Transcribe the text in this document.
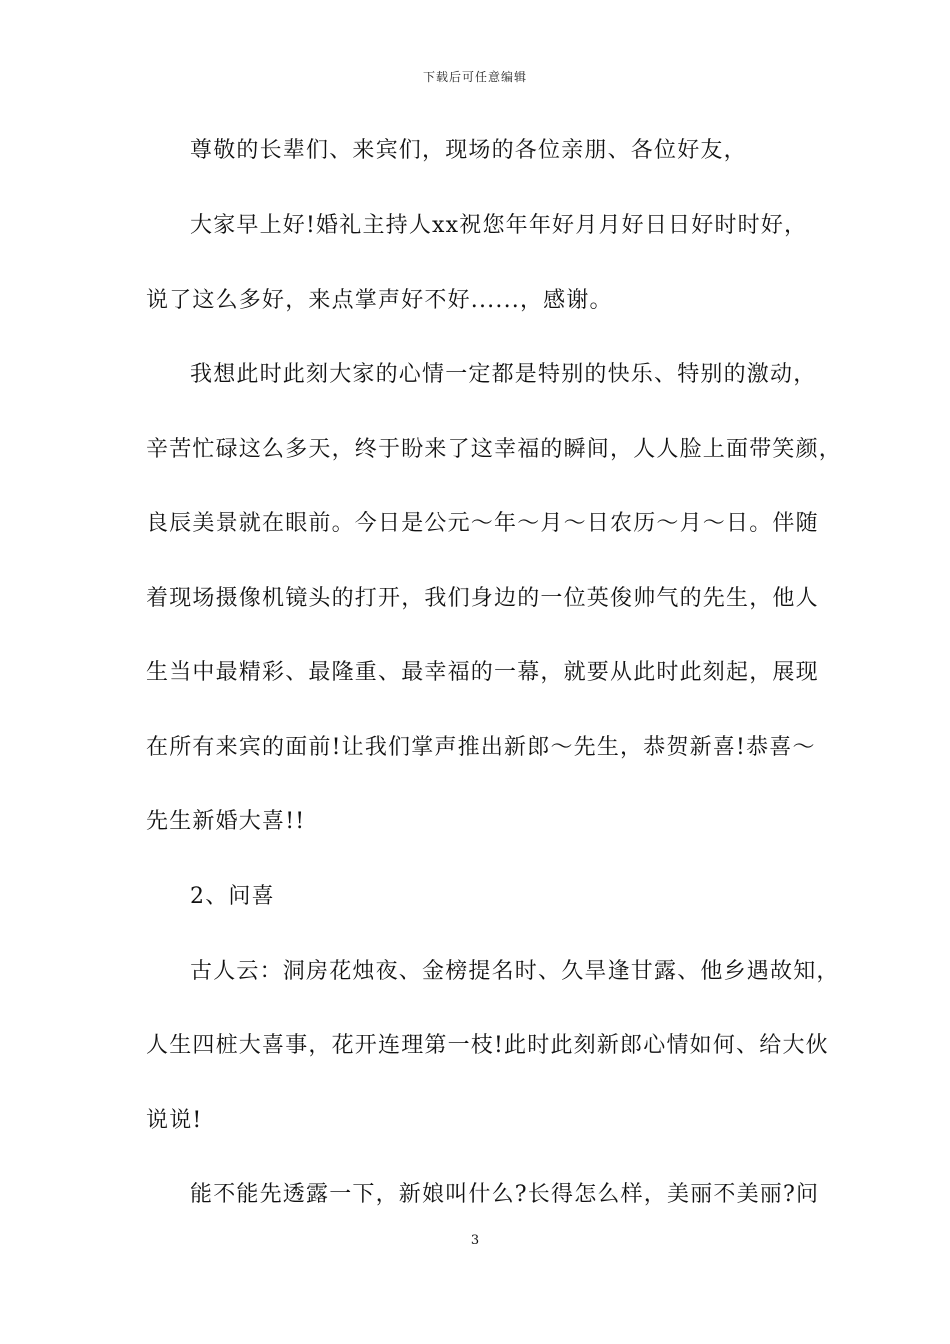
下载后可任意编辑
尊敬的长辈们、来宾们，现场的各位亲朋、各位好友，
大家早上好!婚礼主持人xx祝您年年好月月好日日好时时好，
说了这么多好，来点掌声好不好......，感谢。
我想此时此刻大家的心情一定都是特别的快乐、特别的激动，
辛苦忙碌这么多天，终于盼来了这幸福的瞬间，人人脸上面带笑颜，
良辰美景就在眼前。今日是公元～年～月～日农历～月～日。伴随
着现场摄像机镜头的打开，我们身边的一位英俊帅气的先生，他人
生当中最精彩、最隆重、最幸福的一幕，就要从此时此刻起，展现
在所有来宾的面前!让我们掌声推出新郎～先生，恭贺新喜!恭喜～
先生新婚大喜!!
2、问喜
古人云：洞房花烛夜、金榜提名时、久旱逢甘露、他乡遇故知，
人生四桩大喜事，花开连理第一枝!此时此刻新郎心情如何、给大伙
说说!
能不能先透露一下，新娘叫什么?长得怎么样，美丽不美丽?问
3
